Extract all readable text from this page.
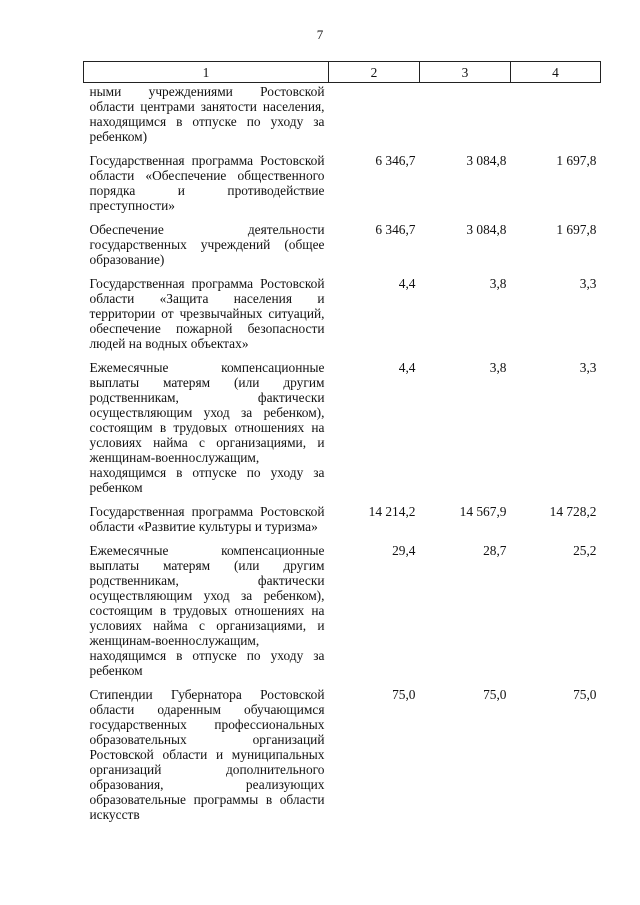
7
1	2	3	4
ными учреждениями Ростовской области центрами занятости населения, находящимся в отпуске по уходу за ребенком)			
Государственная программа Ростовской области «Обеспечение общественного порядка и противодействие преступности»	6 346,7	3 084,8	1 697,8
Обеспечение деятельности государственных учреждений (общее образование)	6 346,7	3 084,8	1 697,8
Государственная программа Ростовской области «Защита населения и территории от чрезвычайных ситуаций, обеспечение пожарной безопасности людей на водных объектах»	4,4	3,8	3,3
Ежемесячные компенсационные выплаты матерям (или другим родственникам, фактически осуществляющим уход за ребенком), состоящим в трудовых отношениях на условиях найма с организациями, и женщинам-военнослужащим, находящимся в отпуске по уходу за ребенком	4,4	3,8	3,3
Государственная программа Ростовской области «Развитие культуры и туризма»	14 214,2	14 567,9	14 728,2
Ежемесячные компенсационные выплаты матерям (или другим родственникам, фактически осуществляющим уход за ребенком), состоящим в трудовых отношениях на условиях найма с организациями, и женщинам-военнослужащим, находящимся в отпуске по уходу за ребенком	29,4	28,7	25,2
Стипендии Губернатора Ростовской области одаренным обучающимся государственных профессиональных образовательных организаций Ростовской области и муниципальных организаций дополнительного образования, реализующих образовательные программы в области искусств	75,0	75,0	75,0
